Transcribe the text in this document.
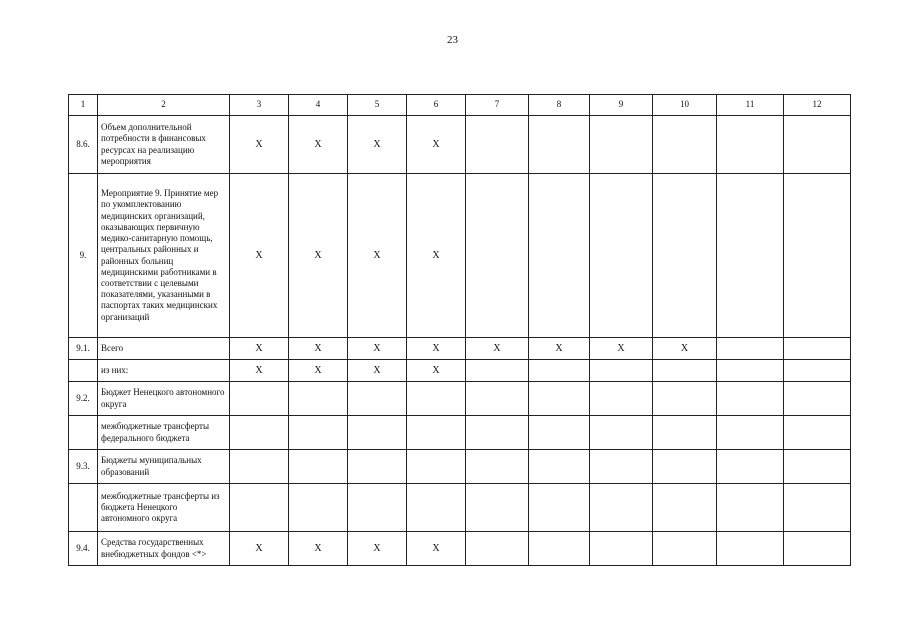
23
1	2	3	4	5	6	7	8	9	10	11	12
8.6.	Объем дополнительной потребности в финансовых ресурсах на реализацию мероприятия	X	X	X	X						
9.	Мероприятие 9. Принятие мер по укомплектованию медицинских организаций, оказывающих первичную медико-санитарную помощь, центральных районных и районных больниц медицинскими работниками в соответствии с целевыми показателями, указанными в паспортах таких медицинских организаций	X	X	X	X						
9.1.	Всего	X	X	X	X	X	X	X	X		
	из них:	X	X	X	X						
9.2.	Бюджет Ненецкого автономного округа										
	межбюджетные трансферты федерального бюджета										
9.3.	Бюджеты муниципальных образований										
	межбюджетные трансферты из бюджета Ненецкого автономного округа										
9.4.	Средства государственных внебюджетных фондов <*>	X	X	X	X						
